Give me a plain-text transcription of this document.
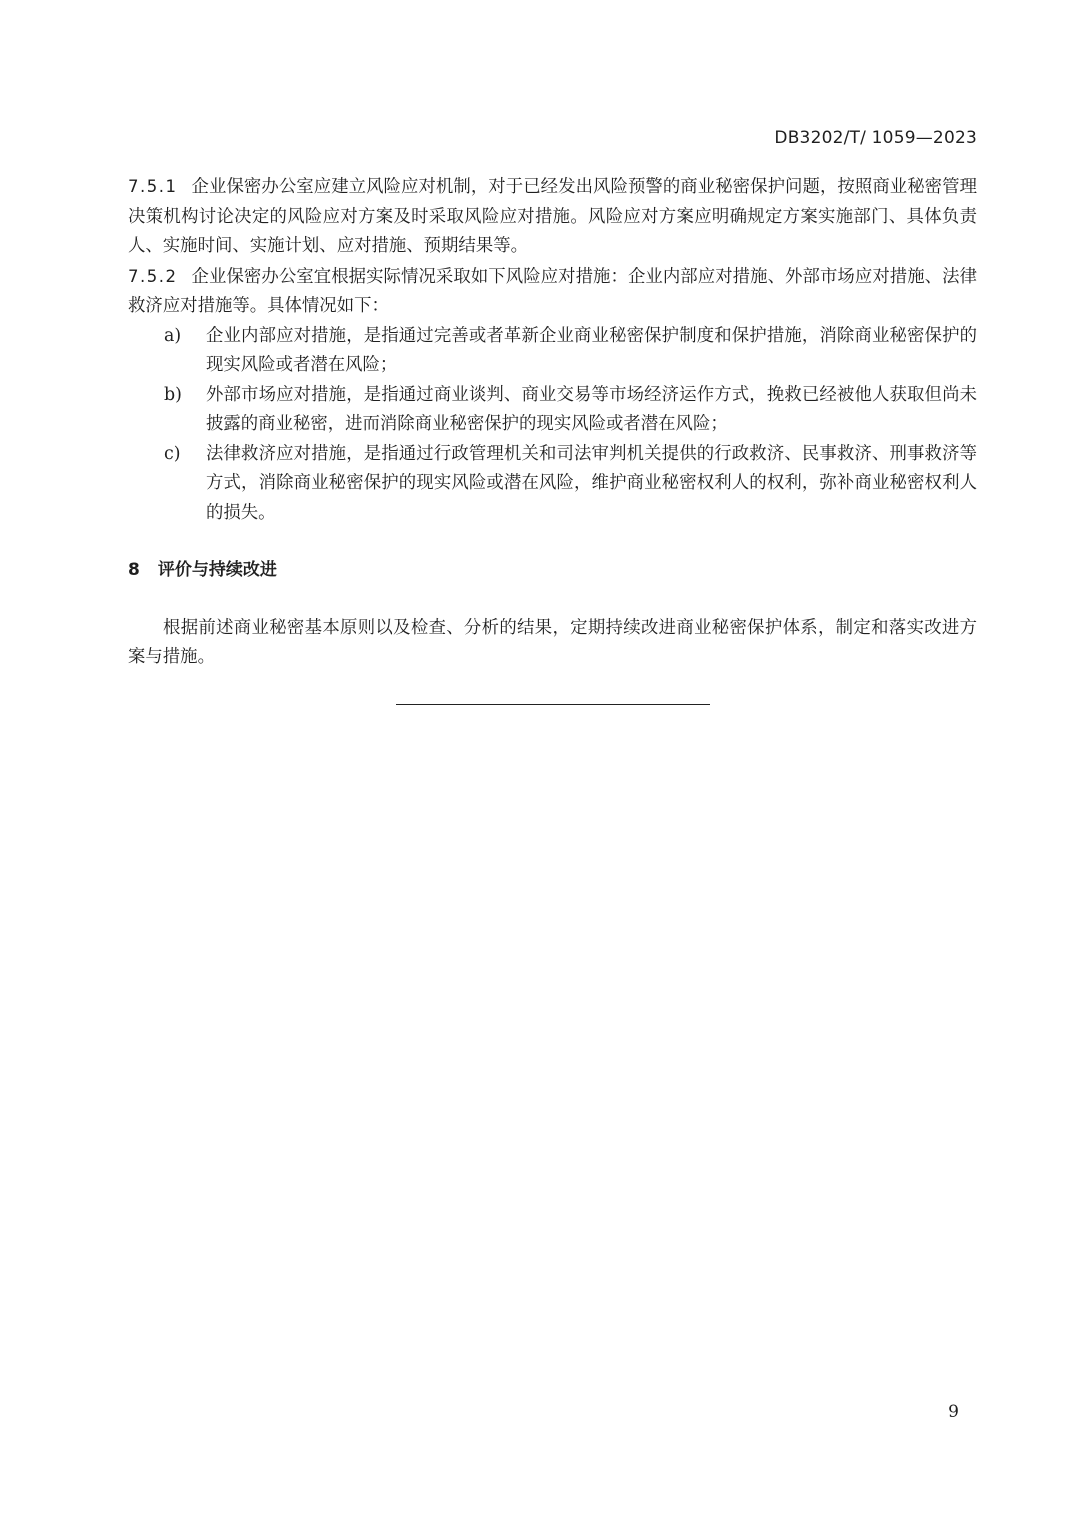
DB3202/T/ 1059—2023

7.5.1 企业保密办公室应建立风险应对机制，对于已经发出风险预警的商业秘密保护问题，按照商业秘密管理决策机构讨论决定的风险应对方案及时采取风险应对措施。风险应对方案应明确规定方案实施部门、具体负责人、实施时间、实施计划、应对措施、预期结果等。

7.5.2 企业保密办公室宜根据实际情况采取如下风险应对措施：企业内部应对措施、外部市场应对措施、法律救济应对措施等。具体情况如下：

a)	企业内部应对措施，是指通过完善或者革新企业商业秘密保护制度和保护措施，消除商业秘密保护的现实风险或者潜在风险；
b)	外部市场应对措施，是指通过商业谈判、商业交易等市场经济运作方式，挽救已经被他人获取但尚未披露的商业秘密，进而消除商业秘密保护的现实风险或者潜在风险；
c)	法律救济应对措施，是指通过行政管理机关和司法审判机关提供的行政救济、民事救济、刑事救济等方式，消除商业秘密保护的现实风险或潜在风险，维护商业秘密权利人的权利，弥补商业秘密权利人的损失。
8 评价与持续改进

根据前述商业秘密基本原则以及检查、分析的结果，定期持续改进商业秘密保护体系，制定和落实改进方案与措施。

9
